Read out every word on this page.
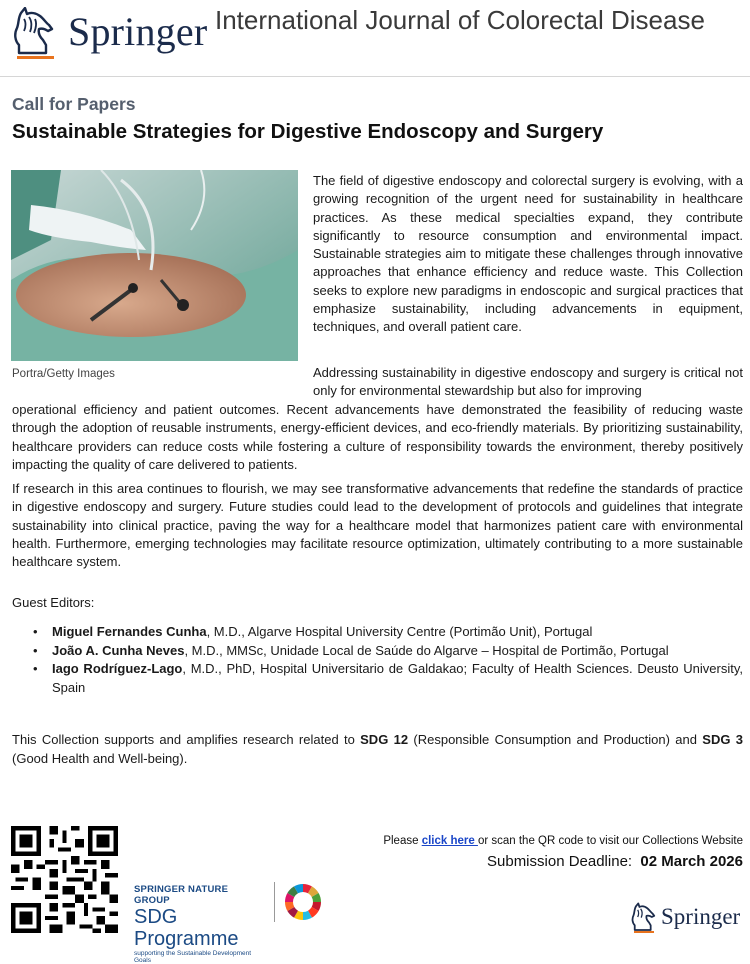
Springer International Journal of Colorectal Disease
Call for Papers
Sustainable Strategies for Digestive Endoscopy and Surgery
Portra/Getty Images

The field of digestive endoscopy and colorectal surgery is evolving, with a growing recognition of the urgent need for sustainability in healthcare practices. As these medical specialties expand, they contribute significantly to resource consumption and environmental impact. Sustainable strategies aim to mitigate these challenges through innovative approaches that enhance efficiency and reduce waste. This Collection seeks to explore new paradigms in endoscopic and surgical practices that emphasize sustainability, including advancements in equipment, techniques, and overall patient care.

Addressing sustainability in digestive endoscopy and surgery is critical not only for environmental stewardship but also for improving

operational efficiency and patient outcomes. Recent advancements have demonstrated the feasibility of reducing waste through the adoption of reusable instruments, energy-efficient devices, and eco-friendly materials. By prioritizing sustainability, healthcare providers can reduce costs while fostering a culture of responsibility towards the environment, thereby positively impacting the quality of care delivered to patients.

If research in this area continues to flourish, we may see transformative advancements that redefine the standards of practice in digestive endoscopy and surgery. Future studies could lead to the development of protocols and guidelines that integrate sustainability into clinical practice, paving the way for a healthcare model that harmonizes patient care with environmental health. Furthermore, emerging technologies may facilitate resource optimization, ultimately contributing to a more sustainable healthcare system.

Guest Editors:
• Miguel Fernandes Cunha, M.D., Algarve Hospital University Centre (Portimão Unit), Portugal
• João A. Cunha Neves, M.D., MMSc, Unidade Local de Saúde do Algarve – Hospital de Portimão, Portugal
• Iago Rodríguez-Lago, M.D., PhD, Hospital Universitario de Galdakao; Faculty of Health Sciences. Deusto University, Spain
This Collection supports and amplifies research related to SDG 12 (Responsible Consumption and Production) and SDG 3 (Good Health and Well-being).
SPRINGER NATURE GROUP
SDG Programme
supporting the Sustainable Development Goals
Please click here or scan the QR code to visit our Collections Website
Submission Deadline: 02 March 2026
Springer
